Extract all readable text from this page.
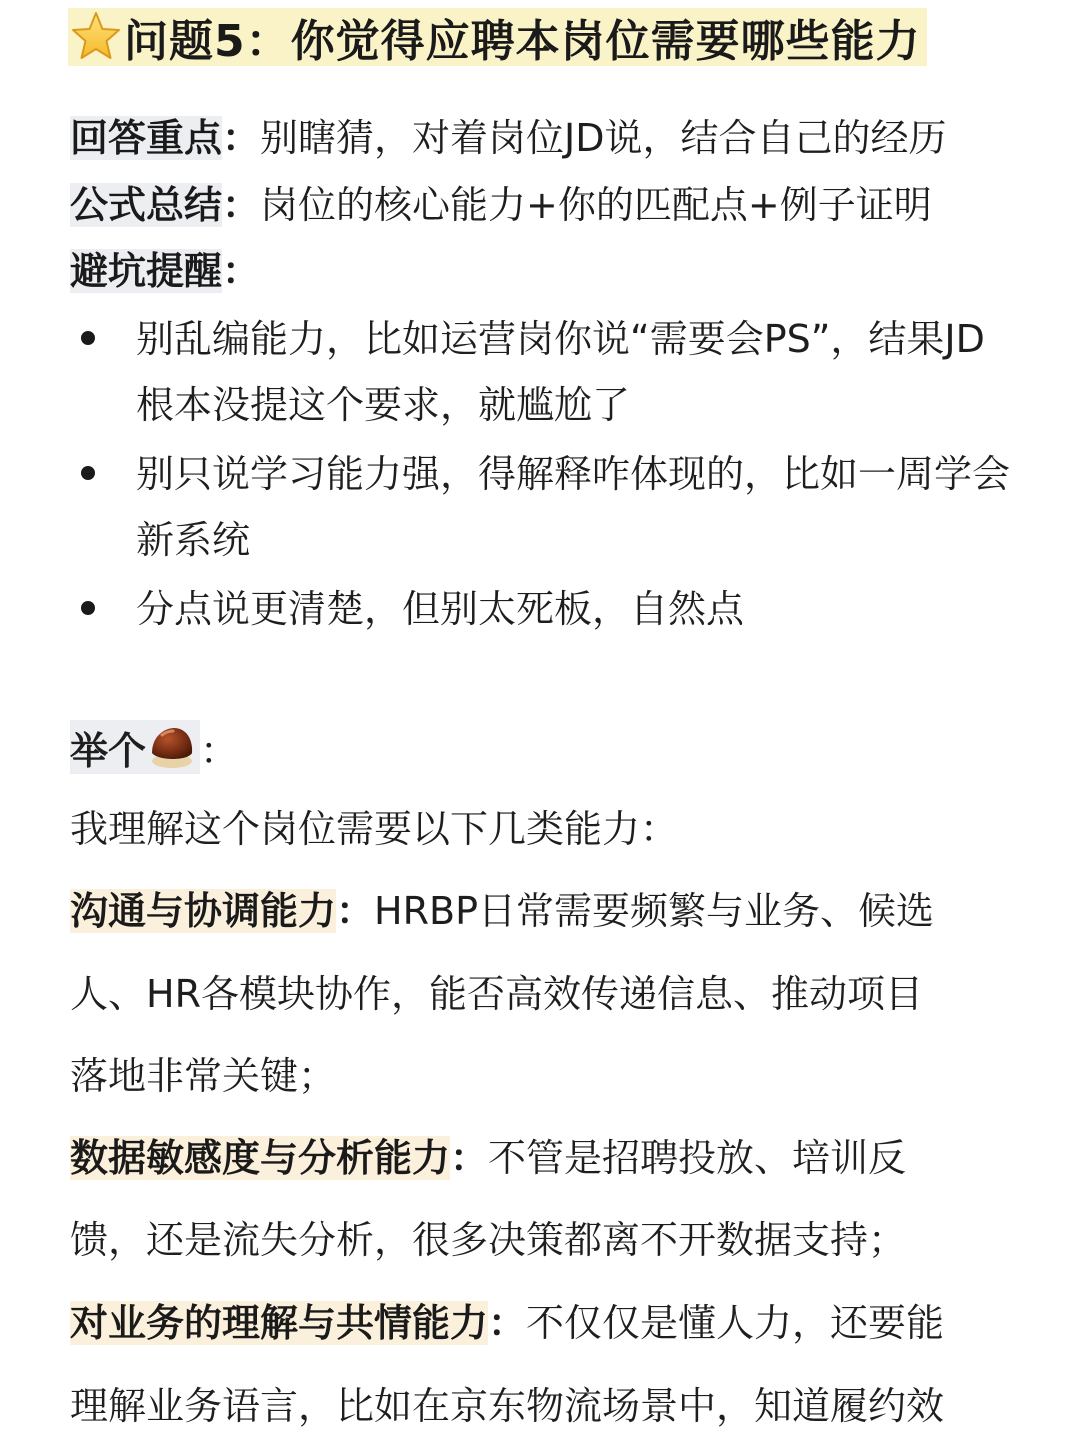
问题5：你觉得应聘本岗位需要哪些能力
回答重点：别瞎猜，对着岗位JD说，结合自己的经历
公式总结：岗位的核心能力+你的匹配点+例子证明
避坑提醒：
别乱编能力，比如运营岗你说“需要会PS”，结果JD根本没提这个要求，就尴尬了
别只说学习能力强，得解释咋体现的，比如一周学会新系统
分点说更清楚，但别太死板，自然点
举个 ：
我理解这个岗位需要以下几类能力：
沟通与协调能力：HRBP日常需要频繁与业务、候选
人、HR各模块协作，能否高效传递信息、推动项目
落地非常关键；
数据敏感度与分析能力：不管是招聘投放、培训反
馈，还是流失分析，很多决策都离不开数据支持；
对业务的理解与共情能力：不仅仅是懂人力，还要能
理解业务语言，比如在京东物流场景中，知道履约效
